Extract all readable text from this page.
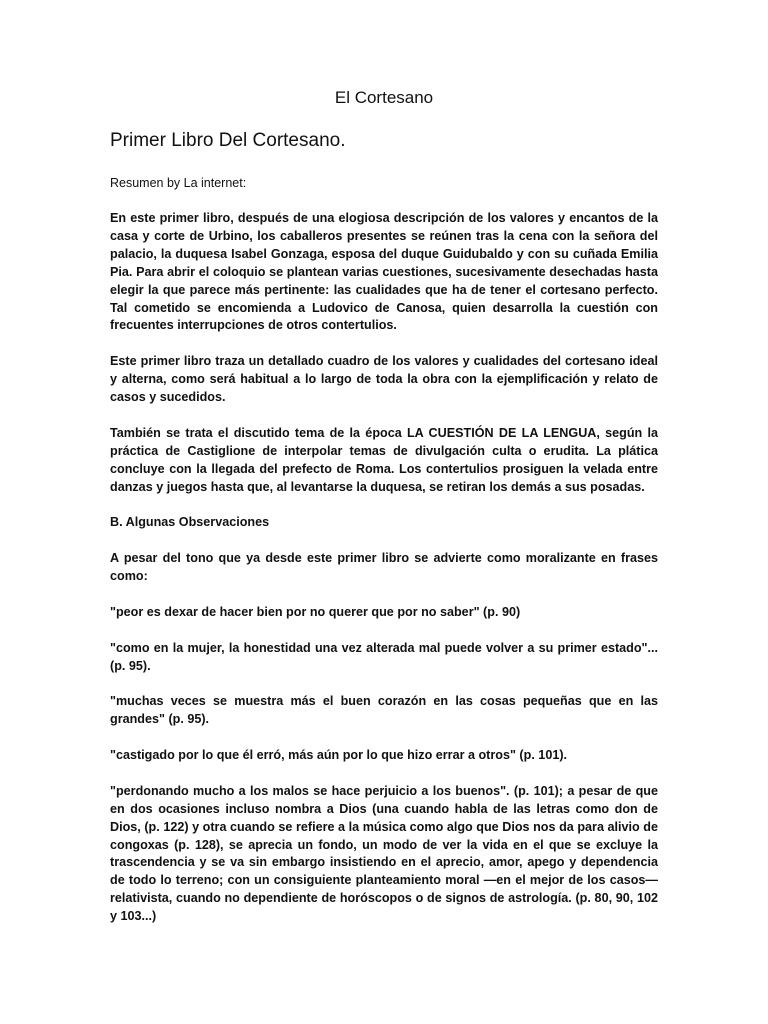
El Cortesano
Primer Libro Del Cortesano.

Resumen by La internet:

En este primer libro, después de una elogiosa descripción de los valores y encantos de la casa y corte de Urbino, los caballeros presentes se reúnen tras la cena con la señora del palacio, la duquesa Isabel Gonzaga, esposa del duque Guidubaldo y con su cuñada Emilia Pia. Para abrir el coloquio se plantean varias cuestiones, sucesivamente desechadas hasta elegir la que parece más pertinente: las cualidades que ha de tener el cortesano perfecto. Tal cometido se encomienda a Ludovico de Canosa, quien desarrolla la cuestión con frecuentes interrupciones de otros contertulios.

Este primer libro traza un detallado cuadro de los valores y cualidades del cortesano ideal y alterna, como será habitual a lo largo de toda la obra con la ejemplificación y relato de casos y sucedidos.

También se trata el discutido tema de la época LA CUESTIÓN DE LA LENGUA, según la práctica de Castiglione de interpolar temas de divulgación culta o erudita. La plática concluye con la llegada del prefecto de Roma. Los contertulios prosiguen la velada entre danzas y juegos hasta que, al levantarse la duquesa, se retiran los demás a sus posadas.

B. Algunas Observaciones

A pesar del tono que ya desde este primer libro se advierte como moralizante en frases como:

"peor es dexar de hacer bien por no querer que por no saber" (p. 90)

"como en la mujer, la honestidad una vez alterada mal puede volver a su primer estado"... (p. 95).

"muchas veces se muestra más el buen corazón en las cosas pequeñas que en las grandes" (p. 95).

"castigado por lo que él erró, más aún por lo que hizo errar a otros" (p. 101).

"perdonando mucho a los malos se hace perjuicio a los buenos". (p. 101); a pesar de que en dos ocasiones incluso nombra a Dios (una cuando habla de las letras como don de Dios, (p. 122) y otra cuando se refiere a la música como algo que Dios nos da para alivio de congoxas (p. 128), se aprecia un fondo, un modo de ver la vida en el que se excluye la trascendencia y se va sin embargo insistiendo en el aprecio, amor, apego y dependencia de todo lo terreno; con un consiguiente planteamiento moral —en el mejor de los casos— relativista, cuando no dependiente de horóscopos o de signos de astrología. (p. 80, 90, 102 y 103...)
